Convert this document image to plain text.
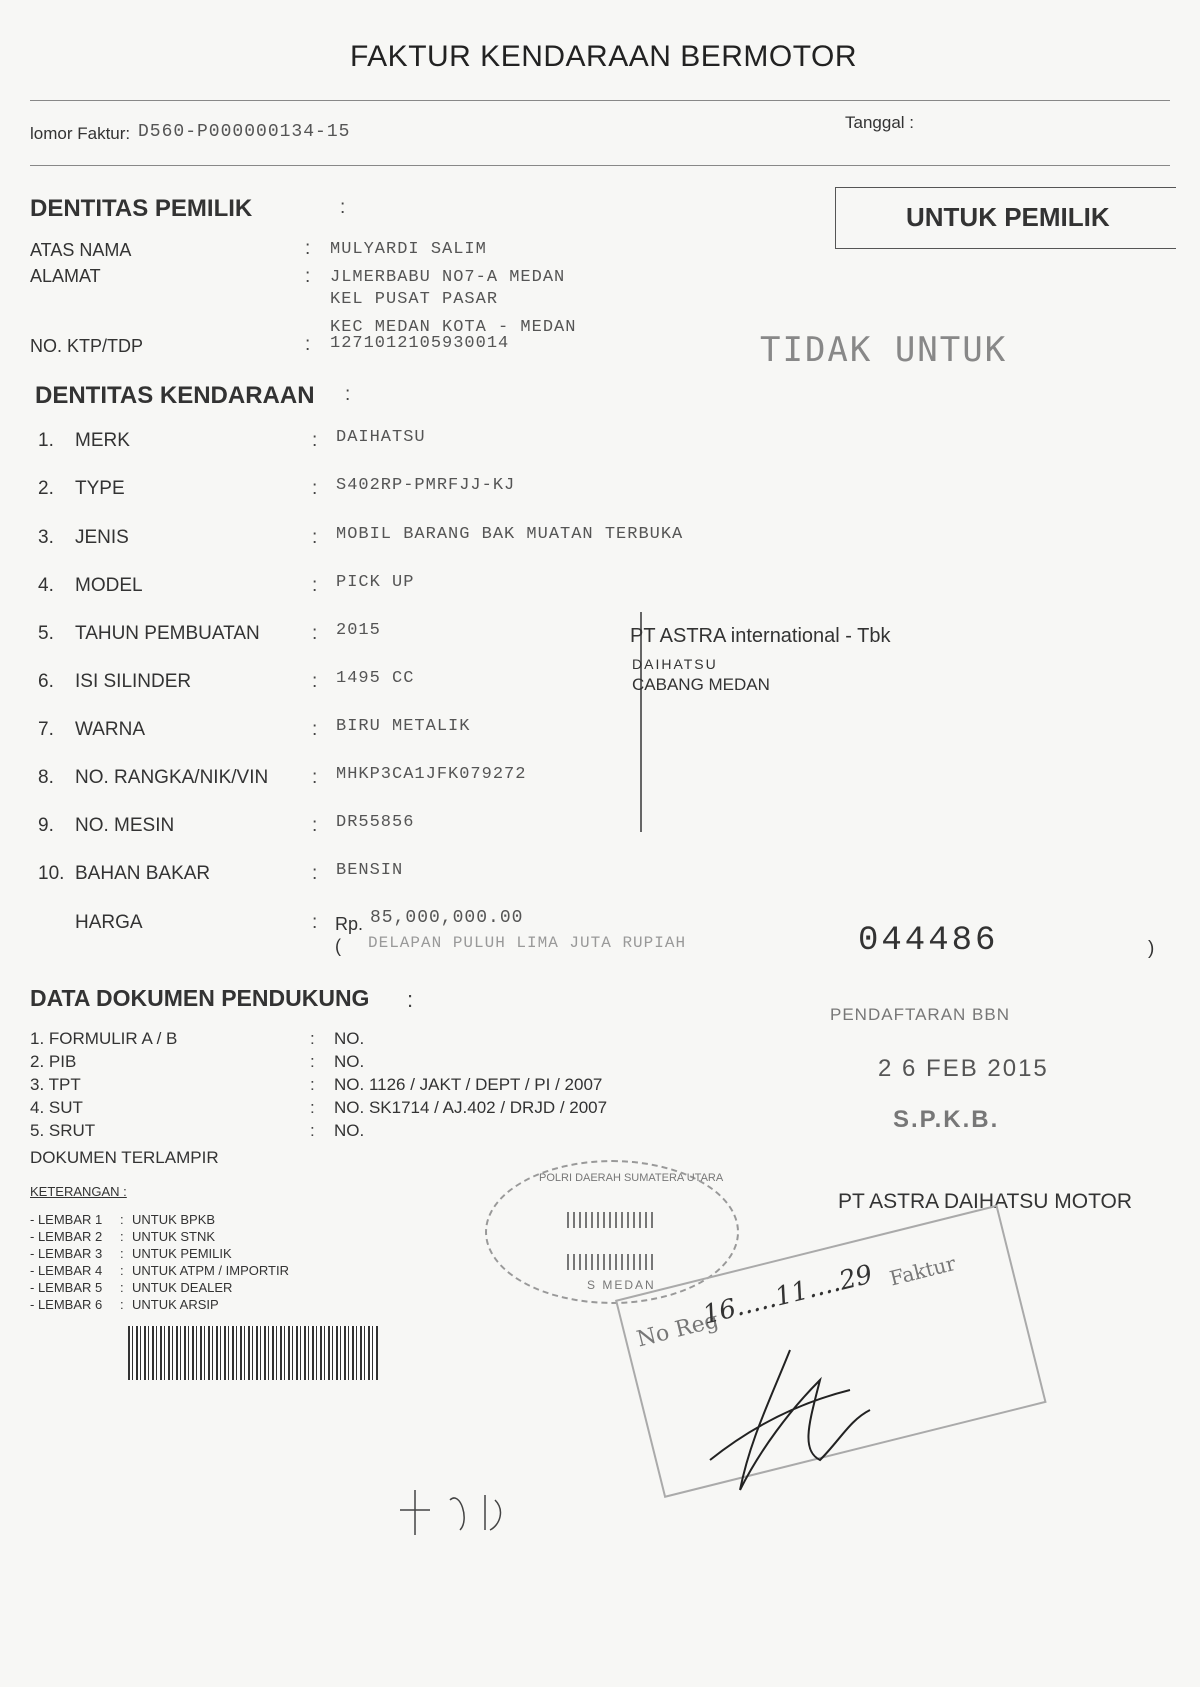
FAKTUR KENDARAAN BERMOTOR
lomor Faktur: D560-P000000134-15	Tanggal :
UNTUK PEMILIK
DENTITAS PEMILIK	:
ATAS NAMA	: MULYARDI SALIM
ALAMAT	: JLMERBABU NO7-A MEDAN
KEL PUSAT PASAR
KEC MEDAN KOTA - MEDAN
NO. KTP/TDP	: 1271012105930014	TIDAK UNTUK
DENTITAS KENDARAAN :
1. MERK	: DAIHATSU
2. TYPE	: S402RP-PMRFJJ-KJ
3. JENIS	: MOBIL BARANG BAK MUATAN TERBUKA
4. MODEL	: PICK UP
5. TAHUN PEMBUATAN	: 2015
6. ISI SILINDER	: 1495 CC
7. WARNA	: BIRU METALIK
8. NO. RANGKA/NIK/VIN : MHKP3CA1JFK079272
9. NO. MESIN	: DR55856
10. BAHAN BAKAR	: BENSIN
HARGA	: Rp. 85,000,000.00
( DELAPAN PULUH LIMA JUTA RUPIAH	)
PT ASTRA international - Tbk
DAIHATSU
CABANG MEDAN
044486
DATA DOKUMEN PENDUKUNG :
1. FORMULIR A / B	: NO.
2. PIB	: NO.
3. TPT	: NO. 1126 / JAKT / DEPT / PI / 2007
4. SUT	: NO. SK1714 / AJ.402 / DRJD / 2007
5. SRUT	: NO.
DOKUMEN TERLAMPIR
PENDAFTARAN BBN
2 6 FEB 2015
S.P.K.B.
KETERANGAN :
- LEMBAR 1 : UNTUK BPKB
- LEMBAR 2 : UNTUK STNK
- LEMBAR 3 : UNTUK PEMILIK
- LEMBAR 4 : UNTUK ATPM / IMPORTIR
- LEMBAR 5 : UNTUK DEALER
- LEMBAR 6 : UNTUK ARSIP
POLRI DAERAH SUMATERA UTARA
S MEDAN
PT ASTRA DAIHATSU MOTOR
No Reg
16.....11....29 Faktur
